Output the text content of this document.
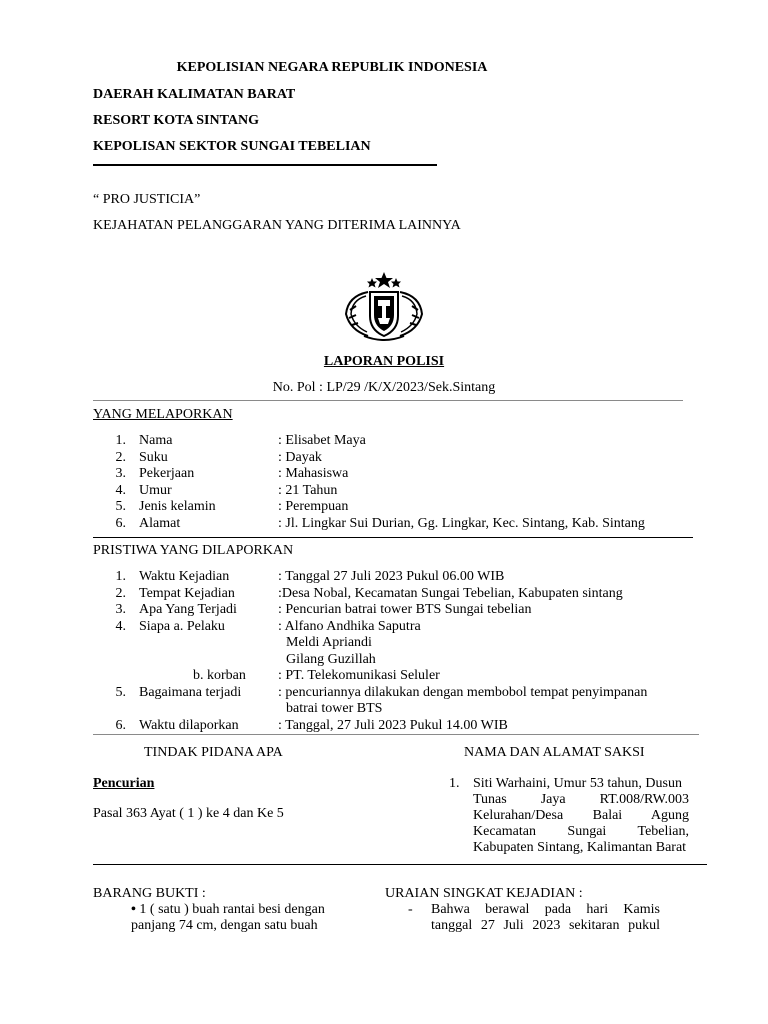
KEPOLISIAN NEGARA REPUBLIK INDONESIA
DAERAH KALIMATAN BARAT
RESORT KOTA SINTANG
KEPOLISAN SEKTOR SUNGAI TEBELIAN
“ PRO JUSTICIA”
KEJAHATAN PELANGGARAN YANG DITERIMA LAINNYA
LAPORAN POLISI
No. Pol : LP/29 /K/X/2023/Sek.Sintang
YANG MELAPORKAN
1. Nama	: Elisabet Maya
2. Suku	: Dayak
3. Pekerjaan	: Mahasiswa
4. Umur	: 21 Tahun
5. Jenis kelamin	: Perempuan
6. Alamat	: Jl. Lingkar Sui Durian, Gg. Lingkar, Kec. Sintang, Kab. Sintang
PRISTIWA YANG DILAPORKAN
1. Waktu Kejadian	: Tanggal 27 Juli 2023 Pukul 06.00 WIB
2. Tempat Kejadian	:Desa Nobal, Kecamatan Sungai Tebelian, Kabupaten sintang
3. Apa Yang Terjadi	: Pencurian batrai tower BTS Sungai tebelian
4. Siapa a. Pelaku	: Alfano Andhika Saputra
Meldi Apriandi
Gilang Guzillah
b. korban : PT. Telekomunikasi Seluler
5. Bagaimana terjadi	: pencuriannya dilakukan dengan membobol tempat penyimpanan
batrai tower BTS
6. Waktu dilaporkan	: Tanggal, 27 Juli 2023 Pukul 14.00 WIB
TINDAK PIDANA APA	NAMA DAN ALAMAT SAKSI
Pencurian
Pasal 363 Ayat ( 1 ) ke 4 dan Ke 5
1. Siti Warhaini, Umur 53 tahun, Dusun
Tunas Jaya RT.008/RW.003
Kelurahan/Desa Balai Agung
Kecamatan Sungai Tebelian,
Kabupaten Sintang, Kalimantan Barat
BARANG BUKTI :
• 1 ( satu ) buah rantai besi dengan
panjang 74 cm, dengan satu buah
URAIAN SINGKAT KEJADIAN :
- Bahwa berawal pada hari Kamis
tanggal 27 Juli 2023 sekitaran pukul
